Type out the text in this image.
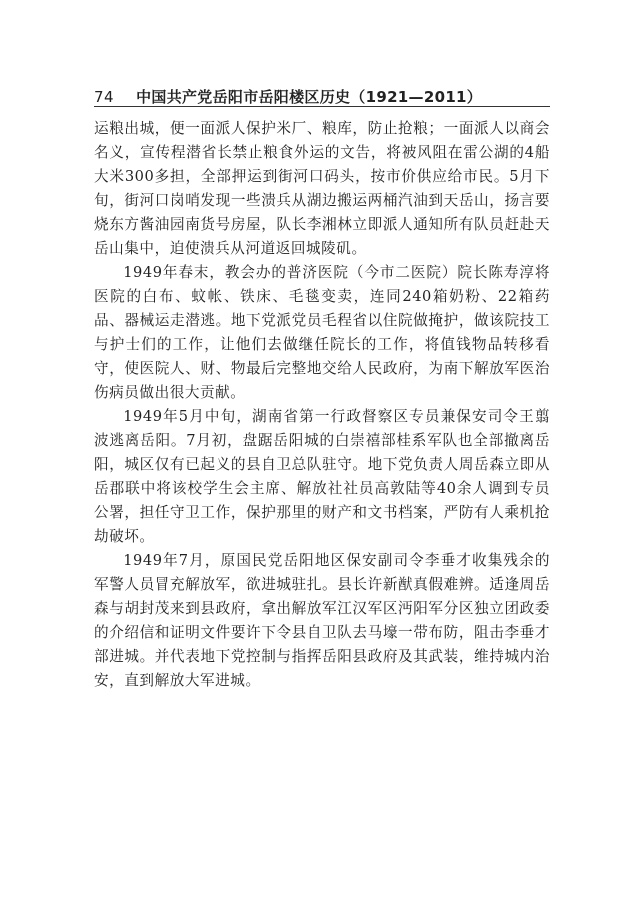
74 中国共产党岳阳市岳阳楼区历史（1921—2011）

运粮出城，便一面派人保护米厂、粮库，防止抢粮；一面派人以商会名义，宣传程潜省长禁止粮食外运的文告，将被风阻在雷公湖的4船大米300多担，全部押运到街河口码头，按市价供应给市民。5月下旬，街河口岗哨发现一些溃兵从湖边搬运两桶汽油到天岳山，扬言要烧东方酱油园南货号房屋，队长李湘林立即派人通知所有队员赶赴天岳山集中，迫使溃兵从河道返回城陵矶。

1949年春末，教会办的普济医院（今市二医院）院长陈寿淳将医院的白布、蚊帐、铁床、毛毯变卖，连同240箱奶粉、22箱药品、器械运走潜逃。地下党派党员毛程省以住院做掩护，做该院技工与护士们的工作，让他们去做继任院长的工作，将值钱物品转移看守，使医院人、财、物最后完整地交给人民政府，为南下解放军医治伤病员做出很大贡献。

1949年5月中旬，湖南省第一行政督察区专员兼保安司令王翦波逃离岳阳。7月初，盘踞岳阳城的白崇禧部桂系军队也全部撤离岳阳，城区仅有已起义的县自卫总队驻守。地下党负责人周岳森立即从岳郡联中将该校学生会主席、解放社社员高敦陆等40余人调到专员公署，担任守卫工作，保护那里的财产和文书档案，严防有人乘机抢劫破坏。

1949年7月，原国民党岳阳地区保安副司令李垂才收集残余的军警人员冒充解放军，欲进城驻扎。县长许新猷真假难辨。适逢周岳森与胡封茂来到县政府，拿出解放军江汉军区沔阳军分区独立团政委的介绍信和证明文件要许下令县自卫队去马壕一带布防，阻击李垂才部进城。并代表地下党控制与指挥岳阳县政府及其武装，维持城内治安，直到解放大军进城。
